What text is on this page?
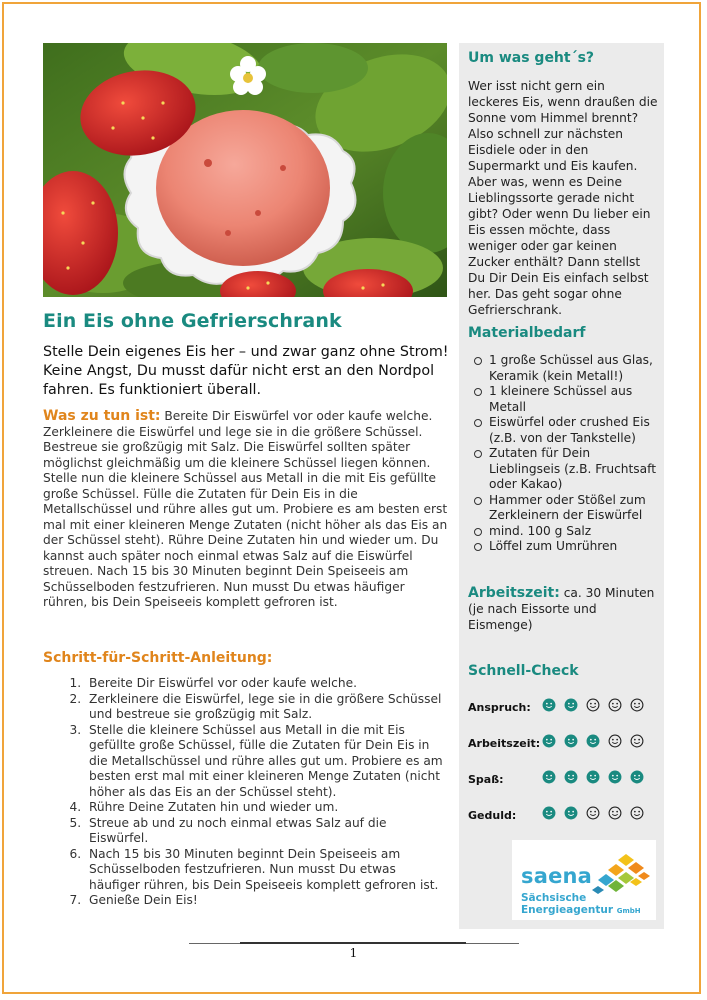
Ein Eis ohne Gefrierschrank
Stelle Dein eigenes Eis her – und zwar ganz ohne Strom! Keine Angst, Du musst dafür nicht erst an den Nordpol fahren. Es funktioniert überall.
Was zu tun ist: Bereite Dir Eiswürfel vor oder kaufe welche. Zerkleinere die Eiswürfel und lege sie in die größere Schüssel. Bestreue sie großzügig mit Salz. Die Eiswürfel sollten später möglichst gleichmäßig um die kleinere Schüssel liegen können. Stelle nun die kleinere Schüssel aus Metall in die mit Eis gefüllte große Schüssel. Fülle die Zutaten für Dein Eis in die Metallschüssel und rühre alles gut um. Probiere es am besten erst mal mit einer kleineren Menge Zutaten (nicht höher als das Eis an der Schüssel steht). Rühre Deine Zutaten hin und wieder um. Du kannst auch später noch einmal etwas Salz auf die Eiswürfel streuen. Nach 15 bis 30 Minuten beginnt Dein Speiseeis am Schüsselboden festzufrieren. Nun musst Du etwas häufiger rühren, bis Dein Speiseeis komplett gefroren ist.
Schritt-für-Schritt-Anleitung:
1. Bereite Dir Eiswürfel vor oder kaufe welche.
2. Zerkleinere die Eiswürfel, lege sie in die größere Schüssel und bestreue sie großzügig mit Salz.
3. Stelle die kleinere Schüssel aus Metall in die mit Eis gefüllte große Schüssel, fülle die Zutaten für Dein Eis in die Metallschüssel und rühre alles gut um. Probiere es am besten erst mal mit einer kleineren Menge Zutaten (nicht höher als das Eis an der Schüssel steht).
4. Rühre Deine Zutaten hin und wieder um.
5. Streue ab und zu noch einmal etwas Salz auf die Eiswürfel.
6. Nach 15 bis 30 Minuten beginnt Dein Speiseeis am Schüsselboden festzufrieren. Nun musst Du etwas häufiger rühren, bis Dein Speiseeis komplett gefroren ist.
7. Genieße Dein Eis!
Um was geht´s?
Wer isst nicht gern ein leckeres Eis, wenn draußen die Sonne vom Himmel brennt? Also schnell zur nächsten Eisdiele oder in den Supermarkt und Eis kaufen. Aber was, wenn es Deine Lieblingssorte gerade nicht gibt? Oder wenn Du lieber ein Eis essen möchte, dass weniger oder gar keinen Zucker enthält? Dann stellst Du Dir Dein Eis einfach selbst her. Das geht sogar ohne Gefrierschrank.
Materialbedarf
1 große Schüssel aus Glas, Keramik (kein Metall!)
1 kleinere Schüssel aus Metall
Eiswürfel oder crushed Eis (z.B. von der Tankstelle)
Zutaten für Dein Lieblingseis (z.B. Fruchtsaft oder Kakao)
Hammer oder Stößel zum Zerkleinern der Eiswürfel
mind. 100 g Salz
Löffel zum Umrühren
Arbeitszeit: ca. 30 Minuten (je nach Eissorte und Eismenge)
Schnell-Check
Anspruch:
Arbeitszeit:
Spaß:
Geduld:
saena
Sächsische
Energieagentur GmbH
1
